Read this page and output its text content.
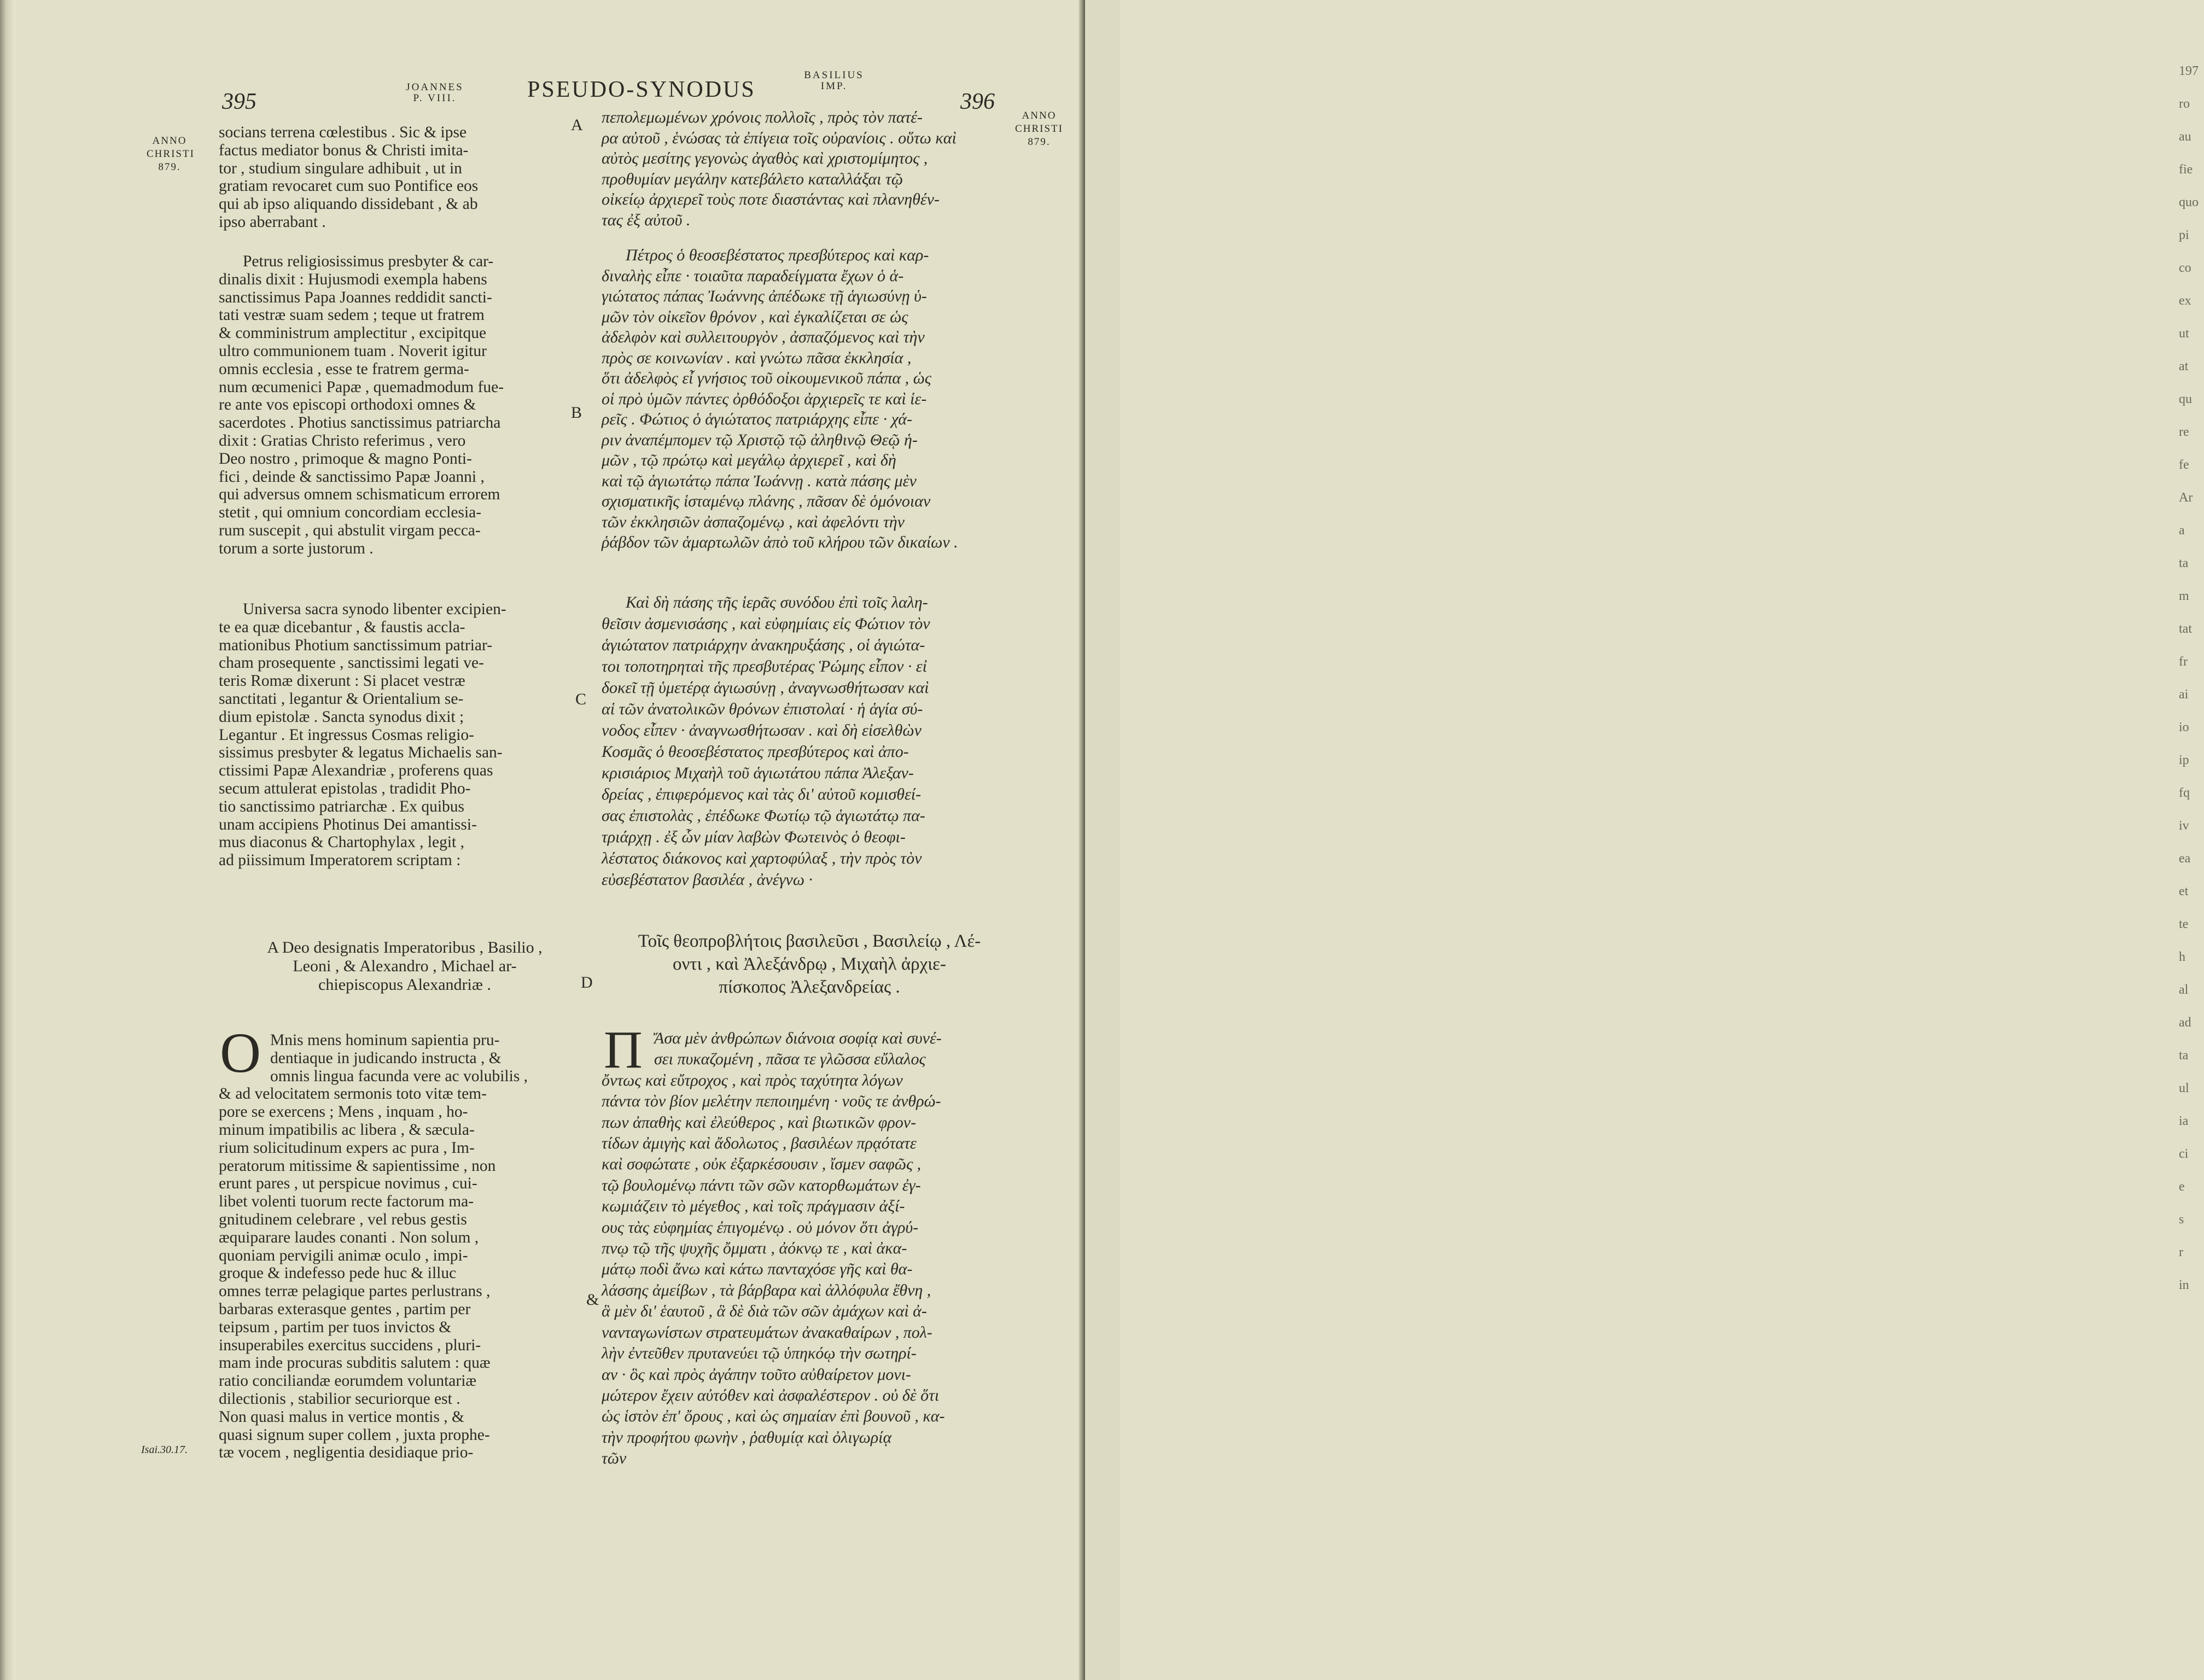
197
ro
au
fie
quo
pi
co
ex
ut
at
qu
re
fe
Ar
a
ta
m
tat
fr
ai
io
ip
fq
iv
ea
et
te
h
al
ad
ta
ul
ia
ci
e
s
r
in
395
JOANNES
P. VIII.	PSEUDO-SYNODUS
BASILIUS
IMP.
396
ANNO
CHRISTI
879.
ANNO
CHRISTI
879.
Isai.30.17.
A
B
C
D
&
socians terrena cœlestibus . Sic & ipse
factus mediator bonus & Christi imita-
tor , studium singulare adhibuit , ut in
gratiam revocaret cum suo Pontifice eos
qui ab ipso aliquando dissidebant , & ab
ipso aberrabant .
Petrus religiosissimus presbyter & car-
dinalis dixit : Hujusmodi exempla habens
sanctissimus Papa Joannes reddidit sancti-
tati vestræ suam sedem ; teque ut fratrem
& comministrum amplectitur , excipitque
ultro communionem tuam . Noverit igitur
omnis ecclesia , esse te fratrem germa-
num œcumenici Papæ , quemadmodum fue-
re ante vos episcopi orthodoxi omnes &
sacerdotes . Photius sanctissimus patriarcha
dixit : Gratias Christo referimus , vero
Deo nostro , primoque & magno Ponti-
fici , deinde & sanctissimo Papæ Joanni ,
qui adversus omnem schismaticum errorem
stetit , qui omnium concordiam ecclesia-
rum suscepit , qui abstulit virgam pecca-
torum a sorte justorum .
Universa sacra synodo libenter excipien-
te ea quæ dicebantur , & faustis accla-
mationibus Photium sanctissimum patriar-
cham prosequente , sanctissimi legati ve-
teris Romæ dixerunt : Si placet vestræ
sanctitati , legantur & Orientalium se-
dium epistolæ . Sancta synodus dixit ;
Legantur . Et ingressus Cosmas religio-
sissimus presbyter & legatus Michaelis san-
ctissimi Papæ Alexandriæ , proferens quas
secum attulerat epistolas , tradidit Pho-
tio sanctissimo patriarchæ . Ex quibus
unam accipiens Photinus Dei amantissi-
mus diaconus & Chartophylax , legit ,
ad piissimum Imperatorem scriptam :
A Deo designatis Imperatoribus , Basilio ,
Leoni , & Alexandro , Michael ar-
chiepiscopus Alexandriæ .
O Mnis mens hominum sapientia pru-
dentiaque in judicando instructa , &
omnis lingua facunda vere ac volubilis ,
& ad velocitatem sermonis toto vitæ tem-
pore se exercens ; Mens , inquam , ho-
minum impatibilis ac libera , & sæcula-
rium solicitudinum expers ac pura , Im-
peratorum mitissime & sapientissime , non
erunt pares , ut perspicue novimus , cui-
libet volenti tuorum recte factorum ma-
gnitudinem celebrare , vel rebus gestis
æquiparare laudes conanti . Non solum ,
quoniam pervigili animæ oculo , impi-
groque & indefesso pede huc & illuc
omnes terræ pelagique partes perlustrans ,
barbaras exterasque gentes , partim per
teipsum , partim per tuos invictos &
insuperabiles exercitus succidens , pluri-
mam inde procuras subditis salutem : quæ
ratio conciliandæ eorumdem voluntariæ
dilectionis , stabilior securiorque est .
Non quasi malus in vertice montis , &
quasi signum super collem , juxta prophe-
tæ vocem , negligentia desidiaque prio-
πεπολεμωμένων χρόνοις πολλοῖς , πρὸς τὸν πατέ-
ρα αὐτοῦ , ἑνώσας τὰ ἐπίγεια τοῖς οὐρανίοις . οὕτω καὶ
αὐτὸς μεσίτης γεγονὼς ἀγαθὸς καὶ χριστομίμητος ,
προθυμίαν μεγάλην κατεβάλετο καταλλάξαι τῷ
οἰκείῳ ἀρχιερεῖ τοὺς ποτε διαστάντας καὶ πλανηθέν-
τας ἐξ αὐτοῦ .
Πέτρος ὁ θεοσεβέστατος πρεσβύτερος καὶ καρ-
διναλὴς εἶπε · τοιαῦτα παραδείγματα ἔχων ὁ ἁ-
γιώτατος πάπας Ἰωάννης ἀπέδωκε τῇ ἁγιωσύνῃ ὑ-
μῶν τὸν οἰκεῖον θρόνον , καὶ ἐγκαλίζεται σε ὡς
ἀδελφὸν καὶ συλλειτουργὸν , ἀσπαζόμενος καὶ τὴν
πρὸς σε κοινωνίαν . καὶ γνώτω πᾶσα ἐκκλησία ,
ὅτι ἀδελφὸς εἶ γνήσιος τοῦ οἰκουμενικοῦ πάπα , ὡς
οἱ πρὸ ὑμῶν πάντες ὀρθόδοξοι ἀρχιερεῖς τε καὶ ἱε-
ρεῖς . Φώτιος ὁ ἁγιώτατος πατριάρχης εἶπε · χά-
ριν ἀναπέμπομεν τῷ Χριστῷ τῷ ἀληθινῷ Θεῷ ἡ-
μῶν , τῷ πρώτῳ καὶ μεγάλῳ ἀρχιερεῖ , καὶ δὴ
καὶ τῷ ἁγιωτάτῳ πάπα Ἰωάννῃ . κατὰ πάσης μὲν
σχισματικῆς ἱσταμένῳ πλάνης , πᾶσαν δὲ ὁμόνοιαν
τῶν ἐκκλησιῶν ἀσπαζομένῳ , καὶ ἀφελόντι τὴν
ῥάβδον τῶν ἁμαρτωλῶν ἀπὸ τοῦ κλήρου τῶν δικαίων .
Καὶ δὴ πάσης τῆς ἱερᾶς συνόδου ἐπὶ τοῖς λαλη-
θεῖσιν ἀσμενισάσης , καὶ εὐφημίαις εἰς Φώτιον τὸν
ἁγιώτατον πατριάρχην ἀνακηρυξάσης , οἱ ἁγιώτα-
τοι τοποτηρηταὶ τῆς πρεσβυτέρας Ῥώμης εἶπον · εἰ
δοκεῖ τῇ ὑμετέρᾳ ἁγιωσύνῃ , ἀναγνωσθήτωσαν καὶ
αἱ τῶν ἀνατολικῶν θρόνων ἐπιστολαί · ἡ ἁγία σύ-
νοδος εἶπεν · ἀναγνωσθήτωσαν . καὶ δὴ εἰσελθὼν
Κοσμᾶς ὁ θεοσεβέστατος πρεσβύτερος καὶ ἀπο-
κρισιάριος Μιχαὴλ τοῦ ἁγιωτάτου πάπα Ἀλεξαν-
δρείας , ἐπιφερόμενος καὶ τὰς δι' αὐτοῦ κομισθεί-
σας ἐπιστολὰς , ἐπέδωκε Φωτίῳ τῷ ἁγιωτάτῳ πα-
τριάρχῃ . ἐξ ὧν μίαν λαβὼν Φωτεινὸς ὁ θεοφι-
λέστατος διάκονος καὶ χαρτοφύλαξ , τὴν πρὸς τὸν
εὐσεβέστατον βασιλέα , ἀνέγνω ·
Τοῖς θεοπροβλήτοις βασιλεῦσι , Βασιλείῳ , Λέ-
οντι , καὶ Ἀλεξάνδρῳ , Μιχαὴλ ἀρχιε-
πίσκοπος Ἀλεξανδρείας .
Π Ἄσα μὲν ἀνθρώπων διάνοια σοφίᾳ καὶ συνέ-
σει πυκαζομένη , πᾶσα τε γλῶσσα εὔλαλος
ὄντως καὶ εὔτροχος , καὶ πρὸς ταχύτητα λόγων
πάντα τὸν βίον μελέτην πεποιημένη · νοῦς τε ἀνθρώ-
πων ἀπαθὴς καὶ ἐλεύθερος , καὶ βιωτικῶν φρον-
τίδων ἀμιγὴς καὶ ἄδολωτος , βασιλέων πρᾳότατε
καὶ σοφώτατε , οὐκ ἐξαρκέσουσιν , ἴσμεν σαφῶς ,
τῷ βουλομένῳ πάντι τῶν σῶν κατορθωμάτων ἐγ-
κωμιάζειν τὸ μέγεθος , καὶ τοῖς πράγμασιν ἀξί-
ους τὰς εὐφημίας ἐπιγομένῳ . οὐ μόνον ὅτι ἀγρύ-
πνῳ τῷ τῆς ψυχῆς ὄμματι , ἀόκνῳ τε , καὶ ἀκα-
μάτῳ ποδὶ ἄνω καὶ κάτω πανταχόσε γῆς καὶ θα-
λάσσης ἀμείβων , τὰ βάρβαρα καὶ ἀλλόφυλα ἔθνη ,
ἃ μὲν δι' ἑαυτοῦ , ἃ δὲ διὰ τῶν σῶν ἀμάχων καὶ ἀ-
νανταγωνίστων στρατευμάτων ἀνακαθαίρων , πολ-
λὴν ἐντεῦθεν πρυτανεύει τῷ ὑπηκόῳ τὴν σωτηρί-
αν · ὃς καὶ πρὸς ἀγάπην τοῦτο αὐθαίρετον μονι-
μώτερον ἔχειν αὐτόθεν καὶ ἀσφαλέστερον . οὐ δὲ ὅτι
ὡς ἱστὸν ἐπ' ὄρους , καὶ ὡς σημαίαν ἐπὶ βουνοῦ , κα-
τὴν προφήτου φωνὴν , ῥαθυμίᾳ καὶ ὀλιγωρίᾳ
τῶν
